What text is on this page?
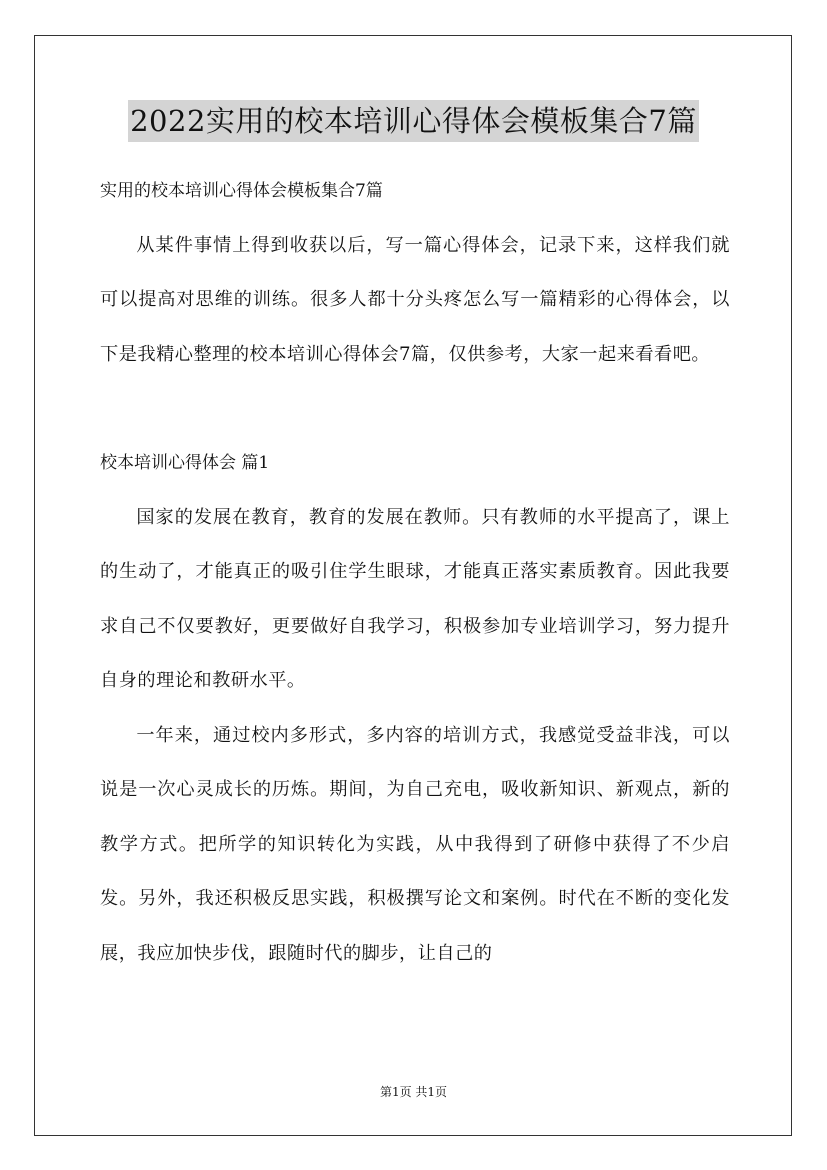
2022实用的校本培训心得体会模板集合7篇

实用的校本培训心得体会模板集合7篇

从某件事情上得到收获以后，写一篇心得体会，记录下来，这样我们就可以提高对思维的训练。很多人都十分头疼怎么写一篇精彩的心得体会，以下是我精心整理的校本培训心得体会7篇，仅供参考，大家一起来看看吧。

校本培训心得体会 篇1

国家的发展在教育，教育的发展在教师。只有教师的水平提高了，课上的生动了，才能真正的吸引住学生眼球，才能真正落实素质教育。因此我要求自己不仅要教好，更要做好自我学习，积极参加专业培训学习，努力提升自身的理论和教研水平。

一年来，通过校内多形式，多内容的培训方式，我感觉受益非浅，可以说是一次心灵成长的历炼。期间，为自己充电，吸收新知识、新观点，新的教学方式。把所学的知识转化为实践，从中我得到了研修中获得了不少启发。另外，我还积极反思实践，积极撰写论文和案例。时代在不断的变化发展，我应加快步伐，跟随时代的脚步，让自己的

第1页 共1页
